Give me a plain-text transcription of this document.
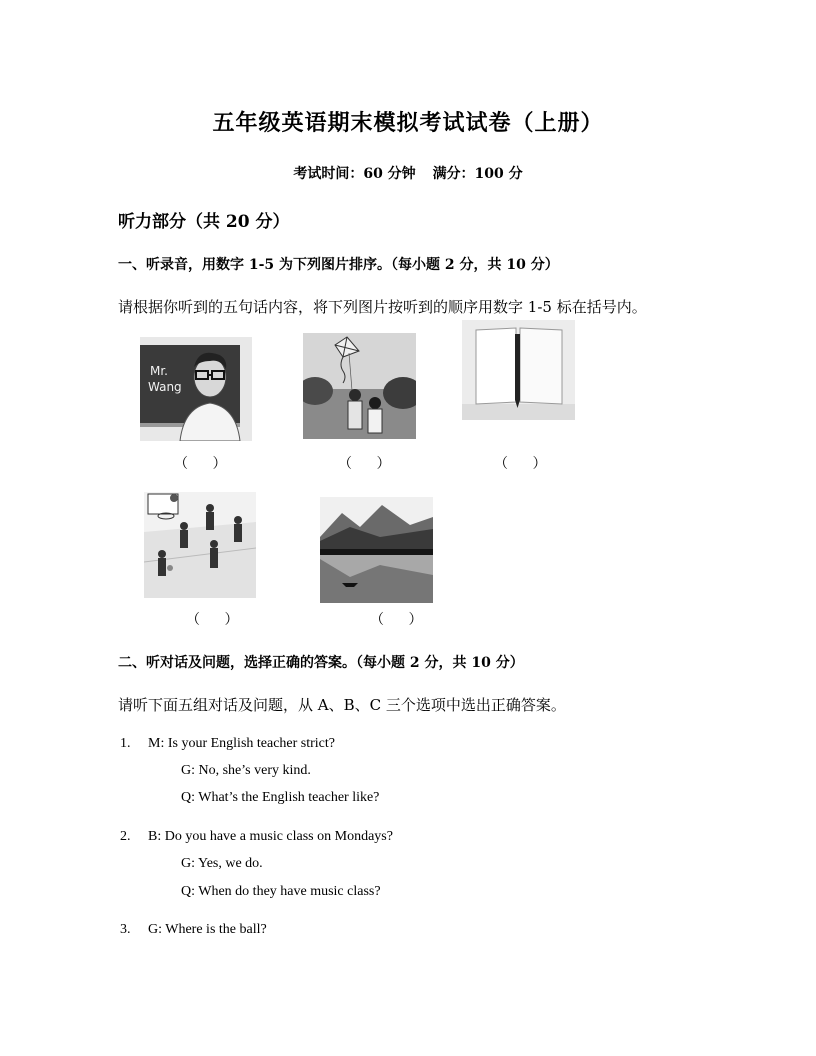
五年级英语期末模拟考试试卷（上册）
考试时间：60 分钟 满分：100 分
听力部分（共 20 分）
一、听录音，用数字 1-5 为下列图片排序。（每小题 2 分，共 10 分）
请根据你听到的五句话内容，将下列图片按听到的顺序用数字 1-5 标在括号内。
Mr.
Wang
（　 ）	（　 ）	（　 ）
（　 ）	（　 ）
二、听对话及问题，选择正确的答案。（每小题 2 分，共 10 分）
请听下面五组对话及问题，从 A、B、C 三个选项中选出正确答案。
1.	M: Is your English teacher strict?
G: No, she’s very kind.
Q: What’s the English teacher like?
2.	B: Do you have a music class on Mondays?
G: Yes, we do.
Q: When do they have music class?
3.	G: Where is the ball?
